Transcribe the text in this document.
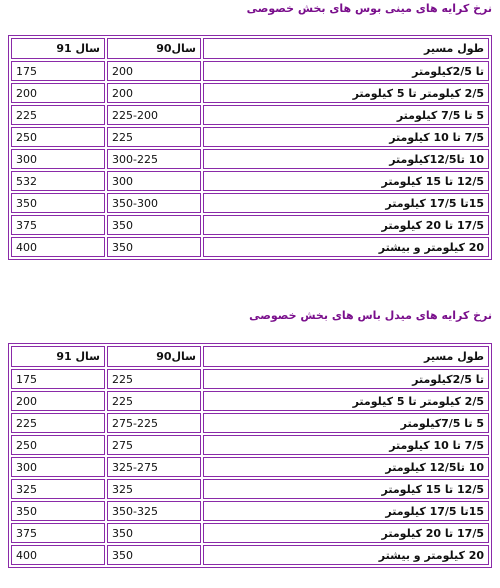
نرخ کرایه های مینی بوس های بخش خصوصی
طول مسیر	سال90	سال 91
تا 2/5کیلومتر	200	175
2/5 کیلومتر تا 5 کیلومتر	200	200
5 تا 7/5 کیلومتر	225-200	225
7/5 تا 10 کیلومتر	225	250
10 تا12/5کیلومتر	300-225	300
12/5 تا 15 کیلومتر	300	532
15تا 17/5 کیلومتر	350-300	350
17/5 تا 20 کیلومتر	350	375
20 کیلومتر و بیشتر	350	400
نرخ کرایه های میدل باس های بخش خصوصی
طول مسیر	سال90	سال 91
تا 2/5کیلومتر	225	175
2/5 کیلومتر تا 5 کیلومتر	225	200
5 تا 7/5کیلومتر	275-225	225
7/5 تا 10 کیلومتر	275	250
10 تا12/5 کیلومتر	325-275	300
12/5 تا 15 کیلومتر	325	325
15تا 17/5 کیلومتر	350-325	350
17/5 تا 20 کیلومتر	350	375
20 کیلومتر و بیشتر	350	400
